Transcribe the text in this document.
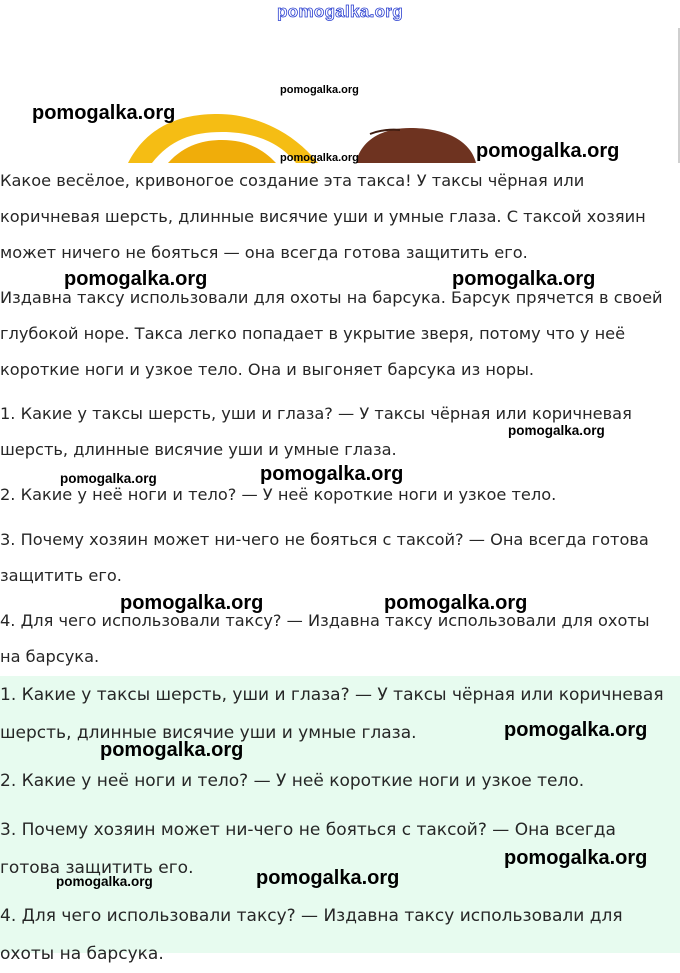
pomogalka.org

Какое весёлое, кривоногое создание эта такса! У таксы чёрная или коричневая шерсть, длинные висячие уши и умные глаза. С таксой хозяин может ничего не бояться — она всегда готова защитить его.

Издавна таксу использовали для охоты на барсука. Барсук прячется в своей глубокой норе. Такса легко попадает в укрытие зверя, потому что у неё короткие ноги и узкое тело. Она и выгоняет барсука из норы.

1. Какие у таксы шерсть, уши и глаза? — У таксы чёрная или коричневая шерсть, длинные висячие уши и умные глаза.

2. Какие у неё ноги и тело? — У неё короткие ноги и узкое тело.

3. Почему хозяин может ни-чего не бояться с таксой? — Она всегда готова защитить его.

4. Для чего использовали таксу? — Издавна таксу использовали для охоты на барсука.

1. Какие у таксы шерсть, уши и глаза? — У таксы чёрная или коричневая шерсть, длинные висячие уши и умные глаза.

2. Какие у неё ноги и тело? — У неё короткие ноги и узкое тело.

3. Почему хозяин может ни-чего не бояться с таксой? — Она всегда готова защитить его.

4. Для чего использовали таксу? — Издавна таксу использовали для охоты на барсука.

pomogalka.org
pomogalka.org
pomogalka.org	pomogalka.org
pomogalka.org	pomogalka.org
pomogalka.org
pomogalka.org	pomogalka.org
pomogalka.org	pomogalka.org
pomogalka.org
pomogalka.org
pomogalka.org
pomogalka.org
pomogalka.org
